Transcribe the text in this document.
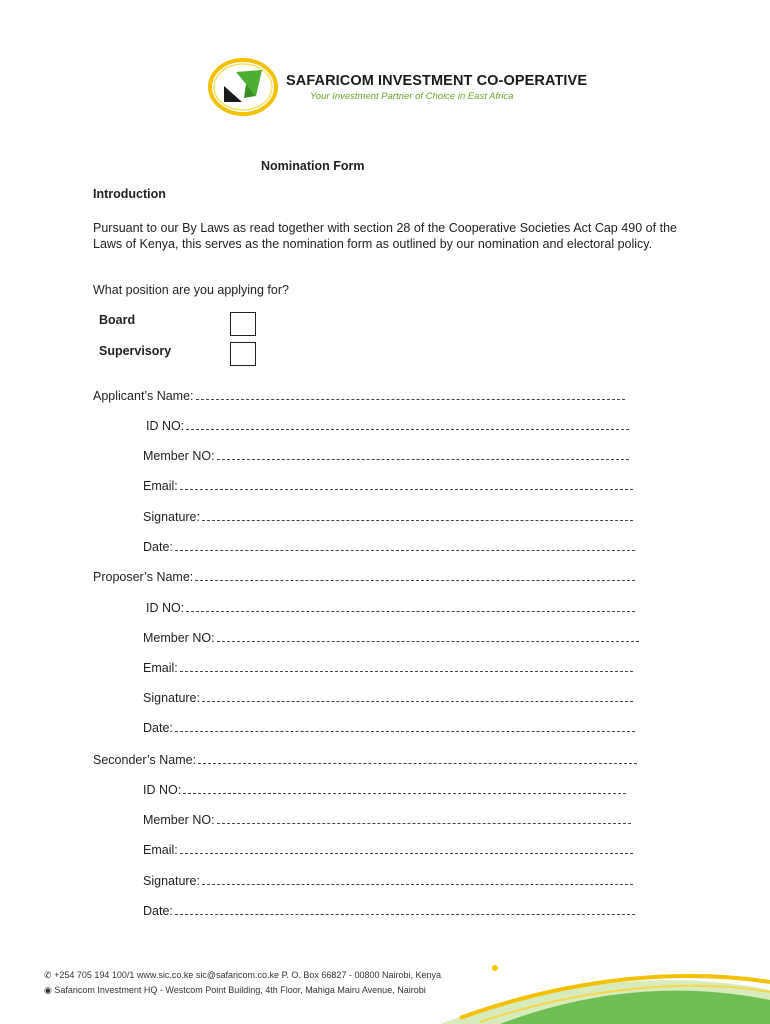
SAFARICOM INVESTMENT CO-OPERATIVE
Your Investment Partner of Choice in East Africa
Nomination Form
Introduction
Pursuant to our By Laws as read together with section 28 of the Cooperative Societies Act Cap 490 of the Laws of Kenya, this serves as the nomination form as outlined by our nomination and electoral policy.
What position are you applying for?
Board
Supervisory
Applicant’s Name:
ID NO:
Member NO:
Email:
Signature:
Date:
Proposer’s Name:
ID NO:
Member NO:
Email:
Signature:
Date:
Seconder’s Name:
ID NO:
Member NO:
Email:
Signature:
Date:
✆ +254 705 194 100/1 www.sic.co.ke sic@safaricom.co.ke P. O. Box 66827 - 00800 Nairobi, Kenya
◉ Safaricom Investment HQ - Westcom Point Building, 4th Floor, Mahiga Mairu Avenue, Nairobi
